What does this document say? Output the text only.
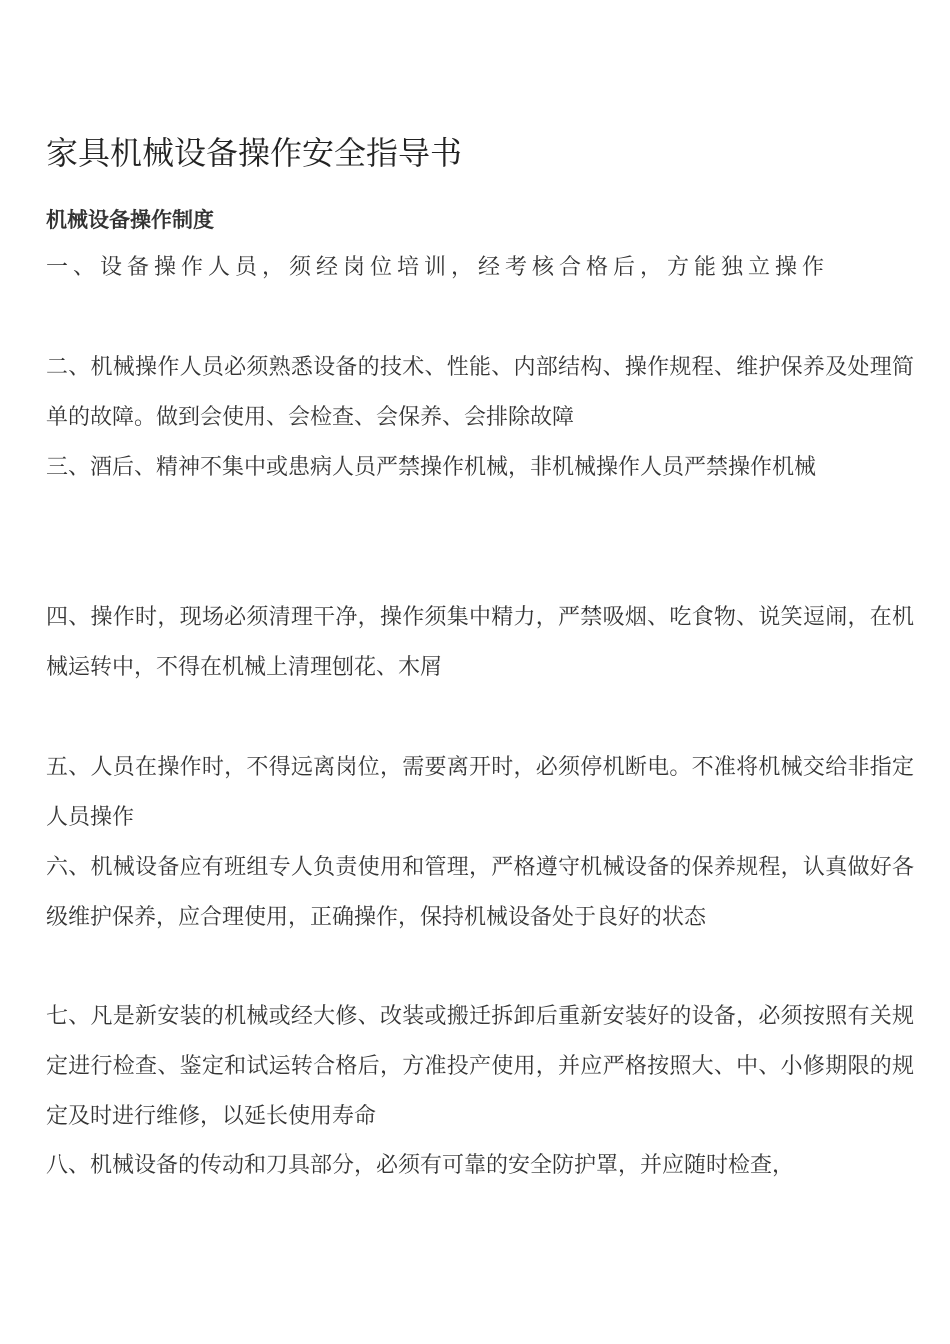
家具机械设备操作安全指导书
机械设备操作制度

一、设备操作人员，须经岗位培训，经考核合格后，方能独立操作

二、机械操作人员必须熟悉设备的技术、性能、内部结构、操作规程、维护保养及处理简单的故障。做到会使用、会检查、会保养、会排除故障

三、酒后、精神不集中或患病人员严禁操作机械，非机械操作人员严禁操作机械

四、操作时，现场必须清理干净，操作须集中精力，严禁吸烟、吃食物、说笑逗闹，在机械运转中，不得在机械上清理刨花、木屑

五、人员在操作时，不得远离岗位，需要离开时，必须停机断电。不准将机械交给非指定人员操作

六、机械设备应有班组专人负责使用和管理，严格遵守机械设备的保养规程，认真做好各级维护保养，应合理使用，正确操作，保持机械设备处于良好的状态

七、凡是新安装的机械或经大修、改装或搬迁拆卸后重新安装好的设备，必须按照有关规定进行检查、鉴定和试运转合格后，方准投产使用，并应严格按照大、中、小修期限的规定及时进行维修，以延长使用寿命

八、机械设备的传动和刀具部分，必须有可靠的安全防护罩，并应随时检查，
